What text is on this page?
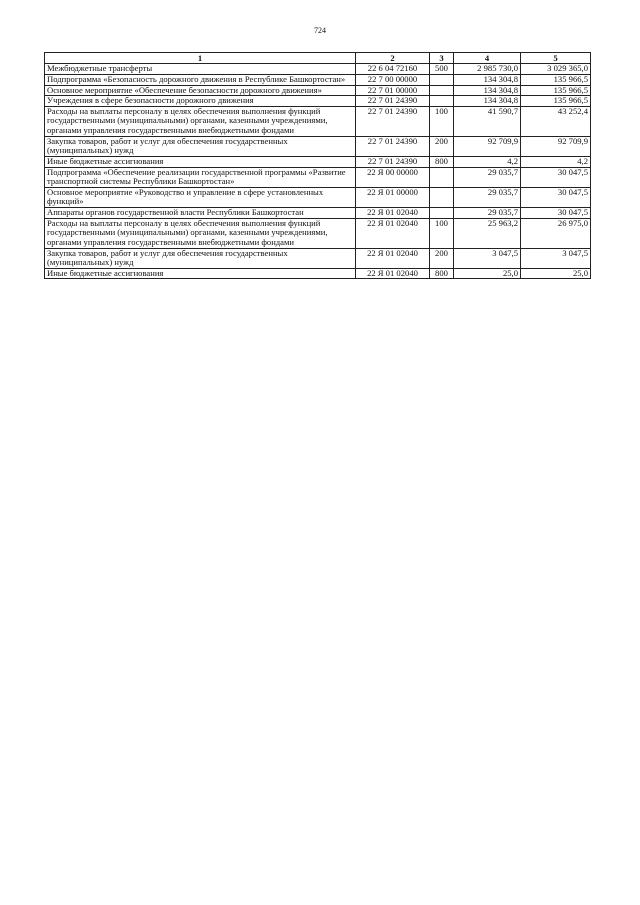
724
1	2	3	4	5
Межбюджетные трансферты	22 6 04 72160	500	2 985 730,0	3 029 365,0
Подпрограмма «Безопасность дорожного движения в Республике Башкортостан»	22 7 00 00000		134 304,8	135 966,5
Основное мероприятие «Обеспечение безопасности дорожного движения»	22 7 01 00000		134 304,8	135 966,5
Учреждения в сфере безопасности дорожного движения	22 7 01 24390		134 304,8	135 966,5
Расходы на выплаты персоналу в целях обеспечения выполнения функций государственными (муниципальными) органами, казенными учреждениями, органами управления государственными внебюджетными фондами	22 7 01 24390	100	41 590,7	43 252,4
Закупка товаров, работ и услуг для обеспечения государственных (муниципальных) нужд	22 7 01 24390	200	92 709,9	92 709,9
Иные бюджетные ассигнования	22 7 01 24390	800	4,2	4,2
Подпрограмма «Обеспечение реализации государственной программы «Развитие транспортной системы Республики Башкортостан»	22 Я 00 00000		29 035,7	30 047,5
Основное мероприятие «Руководство и управление в сфере установленных функций»	22 Я 01 00000		29 035,7	30 047,5
Аппараты органов государственной власти Республики Башкортостан	22 Я 01 02040		29 035,7	30 047,5
Расходы на выплаты персоналу в целях обеспечения выполнения функций государственными (муниципальными) органами, казенными учреждениями, органами управления государственными внебюджетными фондами	22 Я 01 02040	100	25 963,2	26 975,0
Закупка товаров, работ и услуг для обеспечения государственных (муниципальных) нужд	22 Я 01 02040	200	3 047,5	3 047,5
Иные бюджетные ассигнования	22 Я 01 02040	800	25,0	25,0
